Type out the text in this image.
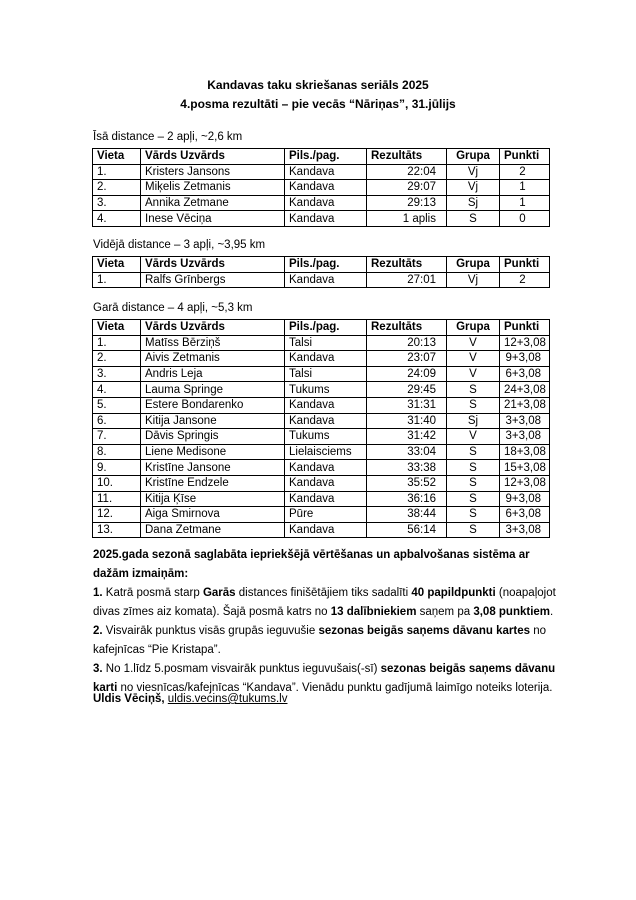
Kandavas taku skriešanas seriāls 2025
4.posma rezultāti – pie vecās “Nāriņas”, 31.jūlijs
Īsā distance – 2 apļi, ~2,6 km
Vieta	Vārds Uzvārds	Pils./pag.	Rezultāts	Grupa	Punkti
1.	Kristers Jansons	Kandava	22:04	Vj	2
2.	Miķelis Zetmanis	Kandava	29:07	Vj	1
3.	Annika Zetmane	Kandava	29:13	Sj	1
4.	Inese Vēciņa	Kandava	1 aplis	S	0
Vidējā distance – 3 apļi, ~3,95 km
Vieta	Vārds Uzvārds	Pils./pag.	Rezultāts	Grupa	Punkti
1.	Ralfs Grīnbergs	Kandava	27:01	Vj	2
Garā distance – 4 apļi, ~5,3 km
Vieta	Vārds Uzvārds	Pils./pag.	Rezultāts	Grupa	Punkti
1.	Matīss Bērziņš	Talsi	20:13	V	12+3,08
2.	Aivis Zetmanis	Kandava	23:07	V	9+3,08
3.	Andris Leja	Talsi	24:09	V	6+3,08
4.	Lauma Springe	Tukums	29:45	S	24+3,08
5.	Estere Bondarenko	Kandava	31:31	S	21+3,08
6.	Kitija Jansone	Kandava	31:40	Sj	3+3,08
7.	Dāvis Springis	Tukums	31:42	V	3+3,08
8.	Liene Medisone	Lielaisciems	33:04	S	18+3,08
9.	Kristīne Jansone	Kandava	33:38	S	15+3,08
10.	Kristīne Endzele	Kandava	35:52	S	12+3,08
11.	Kitija Ķīse	Kandava	36:16	S	9+3,08
12.	Aiga Smirnova	Pūre	38:44	S	6+3,08
13.	Dana Zetmane	Kandava	56:14	S	3+3,08

2025.gada sezonā saglabāta iepriekšējā vērtēšanas un apbalvošanas sistēma ar dažām izmaiņām:

1. Katrā posmā starp Garās distances finišētājiem tiks sadalīti 40 papildpunkti (noapaļojot divas zīmes aiz komata). Šajā posmā katrs no 13 dalībniekiem saņem pa 3,08 punktiem.

2. Visvairāk punktus visās grupās ieguvušie sezonas beigās saņems dāvanu kartes no kafejnīcas “Pie Kristapa”.

3. No 1.līdz 5.posmam visvairāk punktus ieguvušais(-sī) sezonas beigās saņems dāvanu karti no viesnīcas/kafejnīcas “Kandava”. Vienādu punktu gadījumā laimīgo noteiks loterija.

Uldis Vēciņš, uldis.vecins@tukums.lv
